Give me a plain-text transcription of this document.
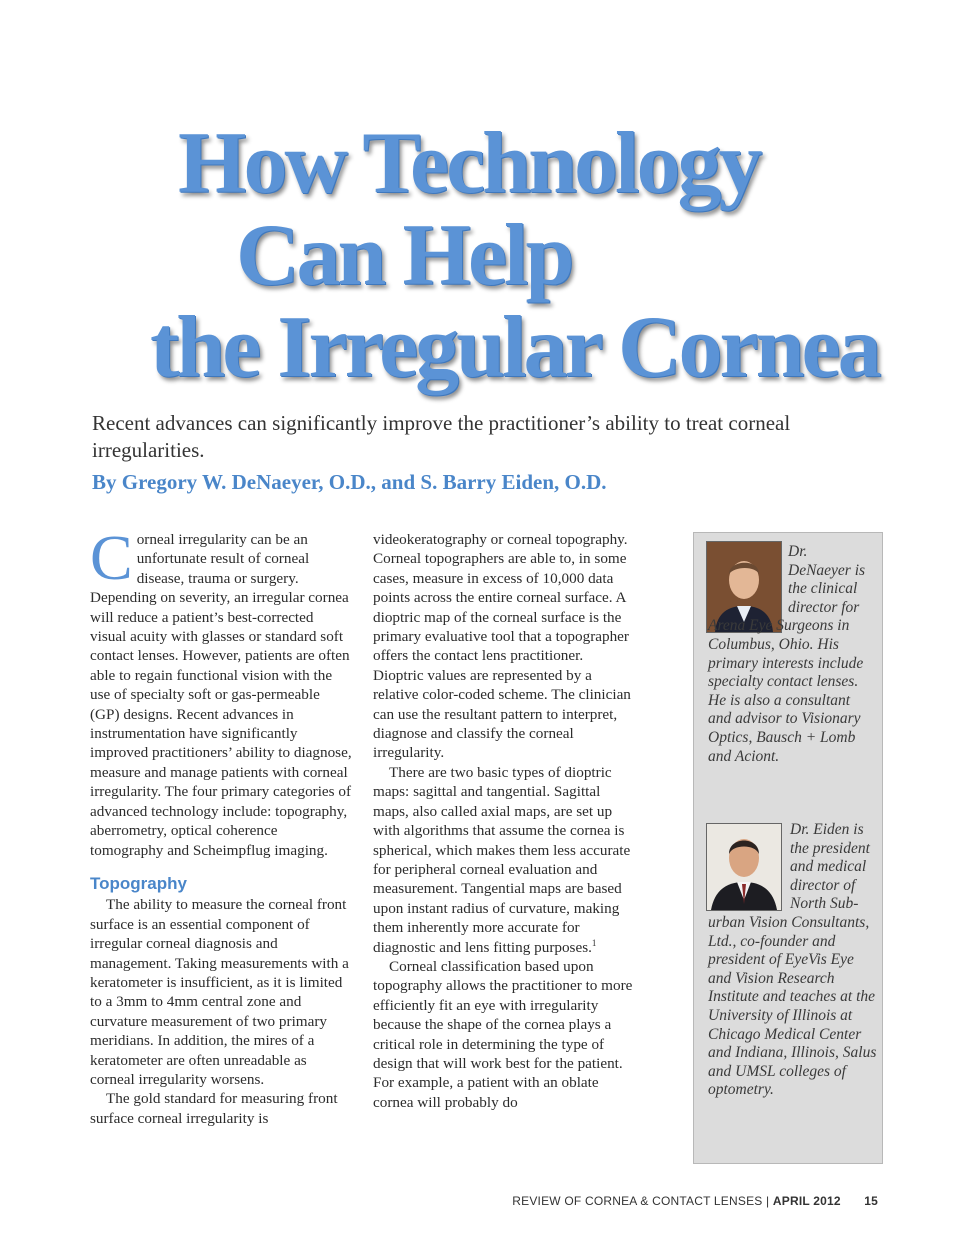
How Technology
Can Help
the Irregular Cornea

Recent advances can significantly improve the practitioner’s ability to treat corneal irregularities.

By Gregory W. DeNaeyer, O.D., and S. Barry Eiden, O.D.

Corneal irregularity can be an unfortunate result of corneal disease, trauma or surgery. Depending on severity, an irregular cornea will reduce a patient’s best-corrected visual acuity with glasses or standard soft contact lenses. However, patients are often able to regain functional vision with the use of specialty soft or gas-permeable (GP) designs. Recent advances in instrumentation have significantly improved practitioners’ ability to diagnose, measure and manage patients with corneal irregularity. The four primary categories of advanced technology include: topography, aberrometry, optical coherence tomography and Scheimpflug imaging.

Topography

The ability to measure the corneal front surface is an essential component of irregular corneal diagnosis and management. Taking measurements with a keratometer is insufficient, as it is limited to a 3mm to 4mm central zone and curvature measurement of two primary meridians. In addition, the mires of a keratometer are often unreadable as corneal irregularity worsens.

The gold standard for measuring front surface corneal irregularity is

videokeratography or corneal topography. Corneal topographers are able to, in some cases, measure in excess of 10,000 data points across the entire corneal surface. A dioptric map of the corneal surface is the primary evaluative tool that a topographer offers the contact lens practitioner. Dioptric values are represented by a relative color-coded scheme. The clinician can use the resultant pattern to interpret, diagnose and classify the corneal irregularity.

There are two basic types of dioptric maps: sagittal and tangential. Sagittal maps, also called axial maps, are set up with algorithms that assume the cornea is spherical, which makes them less accurate for peripheral corneal evaluation and measurement. Tangential maps are based upon instant radius of curvature, making them inherently more accurate for diagnostic and lens fitting purposes.$^1$

Corneal classification based upon topography allows the practitioner to more efficiently fit an eye with irregularity because the shape of the cornea plays a critical role in determining the type of design that will work best for the patient. For example, a patient with an oblate cornea will probably do

Dr. DeNaeyer is the clinical director for
Arena Eye Surgeons in Columbus, Ohio. His primary interests include specialty contact lenses. He is also a consultant and advisor to Visionary Optics, Bausch + Lomb and Aciont.
Dr. Eiden is the president and medical director of North Sub-
urban Vision Consultants, Ltd., co-founder and president of EyeVis Eye and Vision Research Institute and teaches at the University of Illinois at Chicago Medical Center and Indiana, Illinois, Salus and UMSL colleges of optometry.
REVIEW OF CORNEA & CONTACT LENSES | APRIL 2012 15
